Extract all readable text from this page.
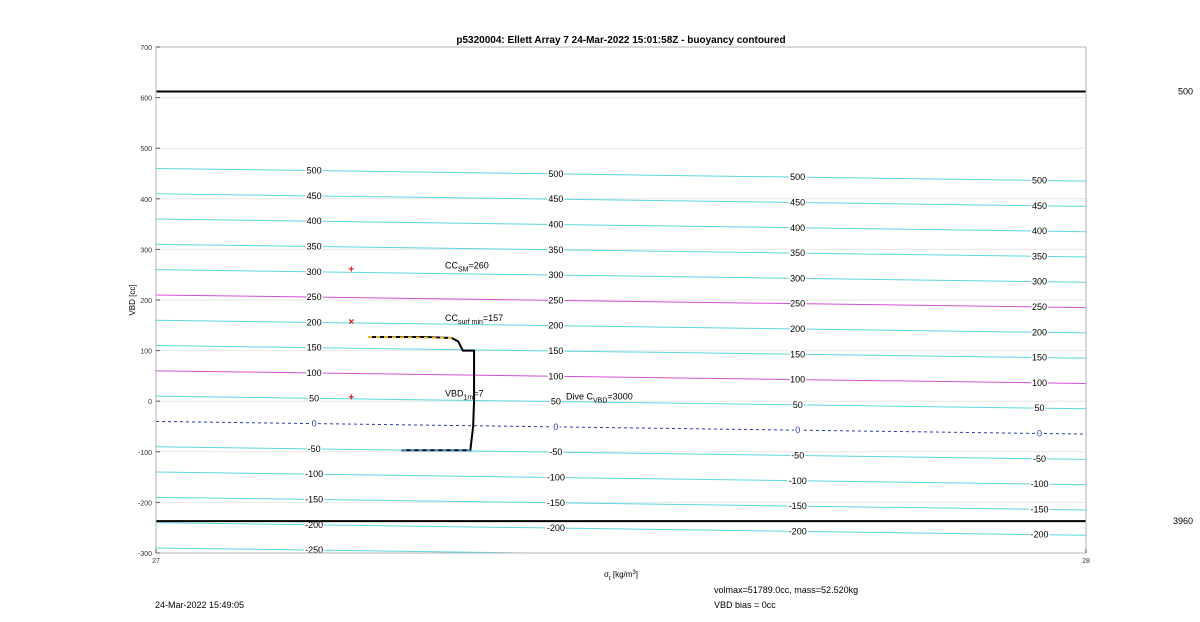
-250
-200	-200	-200	-200
-150	-150	-150	-150
-100	-100	-100	-100
-50	-50	-50	-50
0	0	0	0
50	50	50	50
100	100	100	100
150	150	150	150
200	200	200	200
250	250	250	250
300	300	300	300
350	350	350	350
400	400	400	400
450	450	450	450
500	500	500	500
500
3960
+	$CC_{SM}=260$
×	$CC_{surf min}=157$
+	$VBD_{1m}=7$	Dive $C_{VBD}=3000$
-300
-200
-100
0
100
200
300
400
500
600
700
27	28
p5320004: Ellett Array 7 24-Mar-2022 15:01:58Z - buoyancy contoured
VBD [cc]
$\sigma_t$ $[kg/m^3]$
24-Mar-2022 15:49:05
volmax=51789.0cc, mass=52.520kg
VBD bias = 0cc
